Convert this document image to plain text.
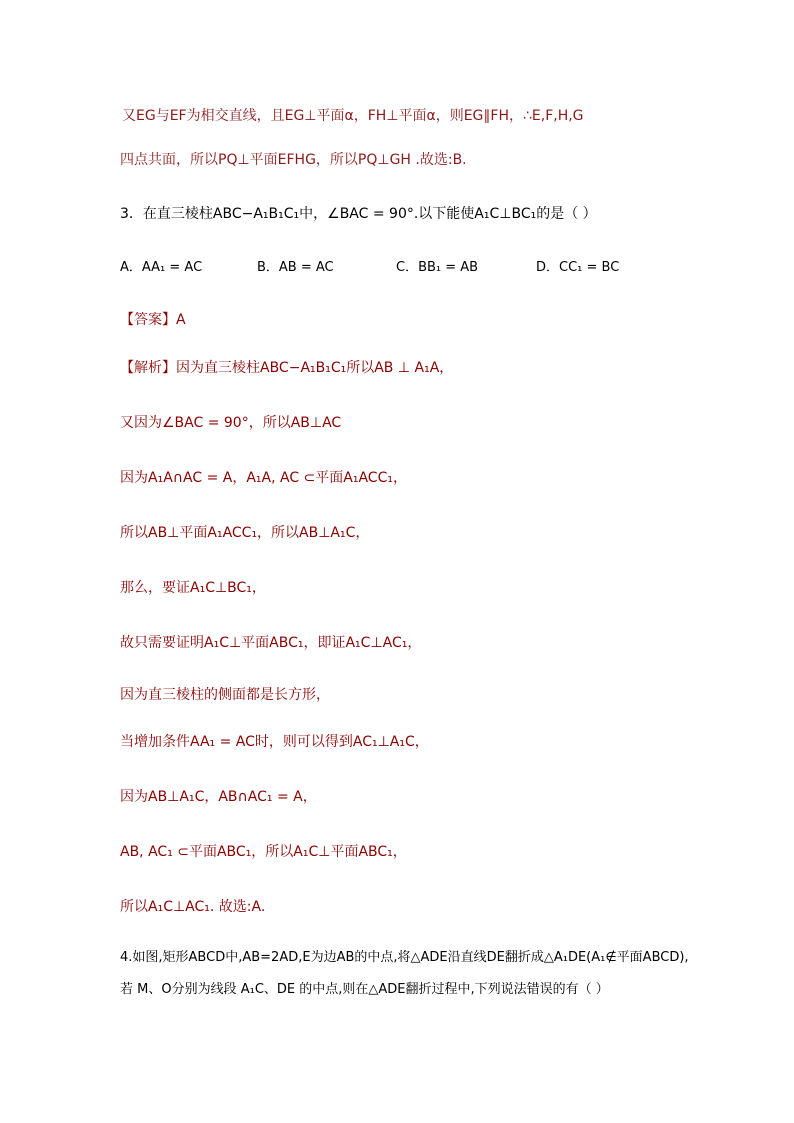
又EG与EF为相交直线，且EG⊥平面α，FH⊥平面α，则EG∥FH，∴E,F,H,G
四点共面，所以PQ⊥平面EFHG，所以PQ⊥GH .故选:B.
3．在直三棱柱ABC−A₁B₁C₁中，∠BAC = 90°.以下能使A₁C⊥BC₁的是（ ）
A．AA₁ = AC	B．AB = AC	C．BB₁ = AB	D．CC₁ = BC
【答案】A
【解析】因为直三棱柱ABC−A₁B₁C₁所以AB ⊥ A₁A，
又因为∠BAC = 90°，所以AB⊥AC
因为A₁A∩AC = A，A₁A, AC ⊂平面A₁ACC₁，
所以AB⊥平面A₁ACC₁，所以AB⊥A₁C，
那么，要证A₁C⊥BC₁，
故只需要证明A₁C⊥平面ABC₁，即证A₁C⊥AC₁，
因为直三棱柱的侧面都是长方形，
当增加条件AA₁ = AC时，则可以得到AC₁⊥A₁C，
因为AB⊥A₁C，AB∩AC₁ = A，
AB, AC₁ ⊂平面ABC₁，所以A₁C⊥平面ABC₁，
所以A₁C⊥AC₁. 故选:A.
4.如图,矩形ABCD中,AB=2AD,E为边AB的中点,将△ADE沿直线DE翻折成△A₁DE(A₁∉平面ABCD),
若 M、O分别为线段 A₁C、DE 的中点,则在△ADE翻折过程中,下列说法错误的有（ ）
